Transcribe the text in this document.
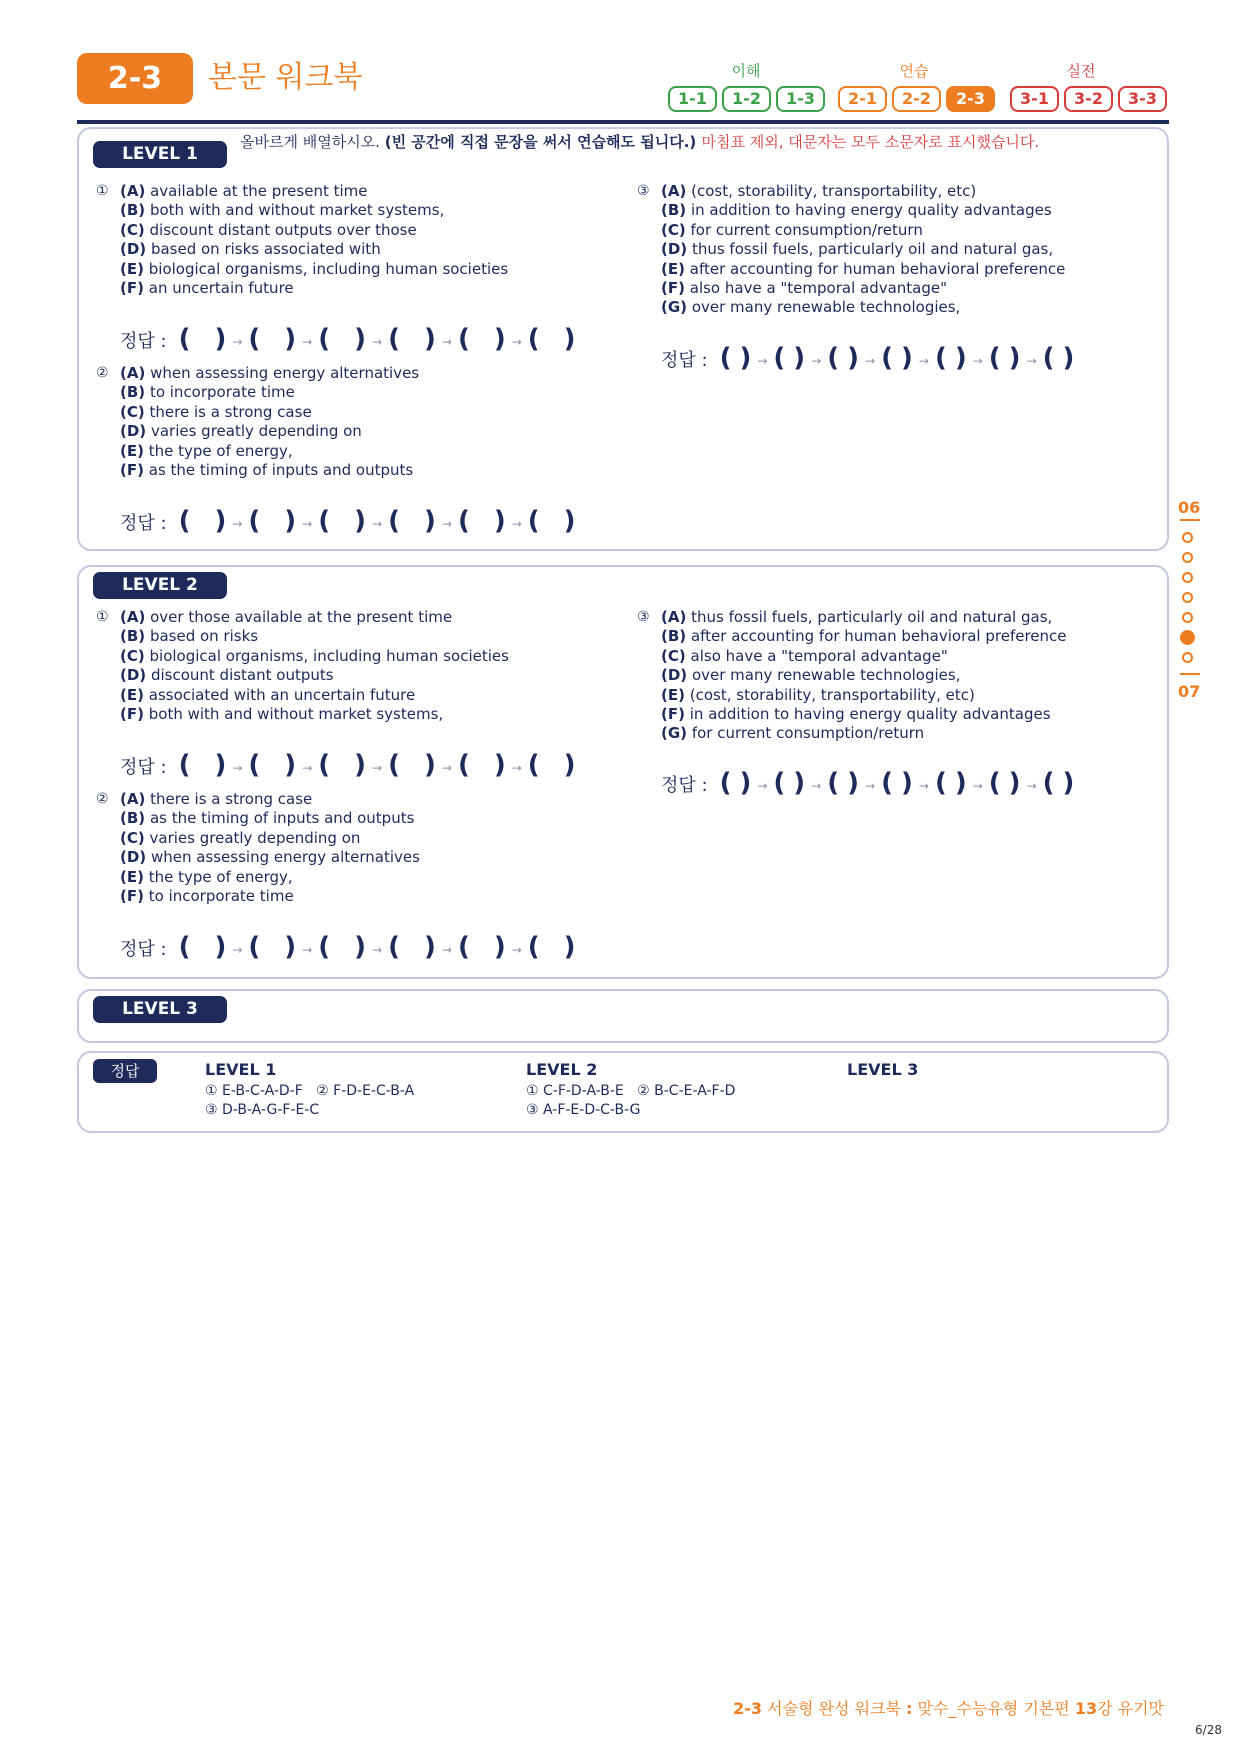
2-3	본문 워크북	이해	연습	실전
1-1	1-2	1-3	2-1	2-2	2-3	3-1	3-2	3-3
06
07
LEVEL 1
올바르게 배열하시오. (빈 공간에 직접 문장을 써서 연습해도 됩니다.) 마침표 제외, 대문자는 모두 소문자로 표시했습니다.
① (A) available at the present time
(B) both with and without market systems,
(C) discount distant outputs over those
(D) based on risks associated with
(E) biological organisms, including human societies
(F) an uncertain future
정답 : ( ) → ( ) → ( ) → ( ) → ( ) → ( )
② (A) when assessing energy alternatives
(B) to incorporate time
(C) there is a strong case
(D) varies greatly depending on
(E) the type of energy,
(F) as the timing of inputs and outputs
정답 : ( ) → ( ) → ( ) → ( ) → ( ) → ( )
③ (A) (cost, storability, transportability, etc)
(B) in addition to having energy quality advantages
(C) for current consumption/return
(D) thus fossil fuels, particularly oil and natural gas,
(E) after accounting for human behavioral preference
(F) also have a "temporal advantage"
(G) over many renewable technologies,
정답 : ( ) → ( ) → ( ) → ( ) → ( ) → ( ) → ( )
LEVEL 2
① (A) over those available at the present time
(B) based on risks
(C) biological organisms, including human societies
(D) discount distant outputs
(E) associated with an uncertain future
(F) both with and without market systems,
정답 : ( ) → ( ) → ( ) → ( ) → ( ) → ( )
② (A) there is a strong case
(B) as the timing of inputs and outputs
(C) varies greatly depending on
(D) when assessing energy alternatives
(E) the type of energy,
(F) to incorporate time
정답 : ( ) → ( ) → ( ) → ( ) → ( ) → ( )
③ (A) thus fossil fuels, particularly oil and natural gas,
(B) after accounting for human behavioral preference
(C) also have a "temporal advantage"
(D) over many renewable technologies,
(E) (cost, storability, transportability, etc)
(F) in addition to having energy quality advantages
(G) for current consumption/return
정답 : ( ) → ( ) → ( ) → ( ) → ( ) → ( ) → ( )
LEVEL 3
정답	LEVEL 1
① E-B-C-A-D-F ② F-D-E-C-B-A
③ D-B-A-G-F-E-C
LEVEL 2
① C-F-D-A-B-E ② B-C-E-A-F-D
③ A-F-E-D-C-B-G
LEVEL 3
2-3 서술형 완성 워크북 : 맞수_수능유형 기본편 13강 유기맛
6/28
